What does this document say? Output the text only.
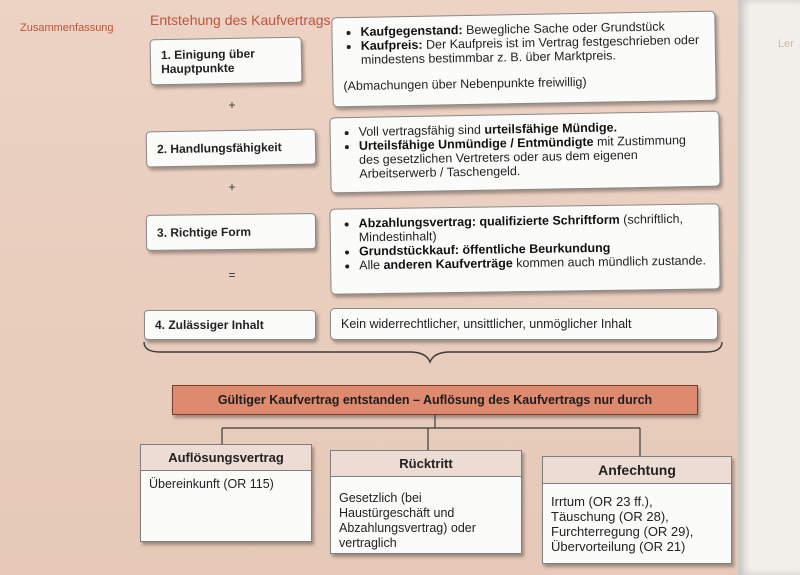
Zusammenfassung	Entstehung des Kaufvertrags
1. Einigung über Hauptpunkte
• Kaufgegenstand: Bewegliche Sache oder Grundstück
• Kaufpreis: Der Kaufpreis ist im Vertrag festgeschrieben oder mindestens bestimmbar z. B. über Marktpreis.
(Abmachungen über Nebenpunkte freiwillig)
+
2. Handlungsfähigkeit
• Voll vertragsfähig sind urteilsfähige Mündige.
• Urteilsfähige Unmündige / Entmündigte mit Zustimmung des gesetzlichen Vertreters oder aus dem eigenen Arbeitserwerb / Taschengeld.
+
3. Richtige Form
• Abzahlungsvertrag: qualifizierte Schriftform (schriftlich, Mindestinhalt)
• Grundstückkauf: öffentliche Beurkundung
• Alle anderen Kaufverträge kommen auch mündlich zustande.
=
4. Zulässiger Inhalt	Kein widerrechtlicher, unsittlicher, unmöglicher Inhalt
Gültiger Kaufvertrag entstanden – Auflösung des Kaufvertrags nur durch
Auflösungsvertrag
Übereinkunft (OR 115)
Rücktritt
Gesetzlich (bei Haustürgeschäft und Abzahlungsvertrag) oder vertraglich
Anfechtung
Irrtum (OR 23 ff.),
Täuschung (OR 28),
Furchterregung (OR 29),
Übervorteilung (OR 21)
Ler
